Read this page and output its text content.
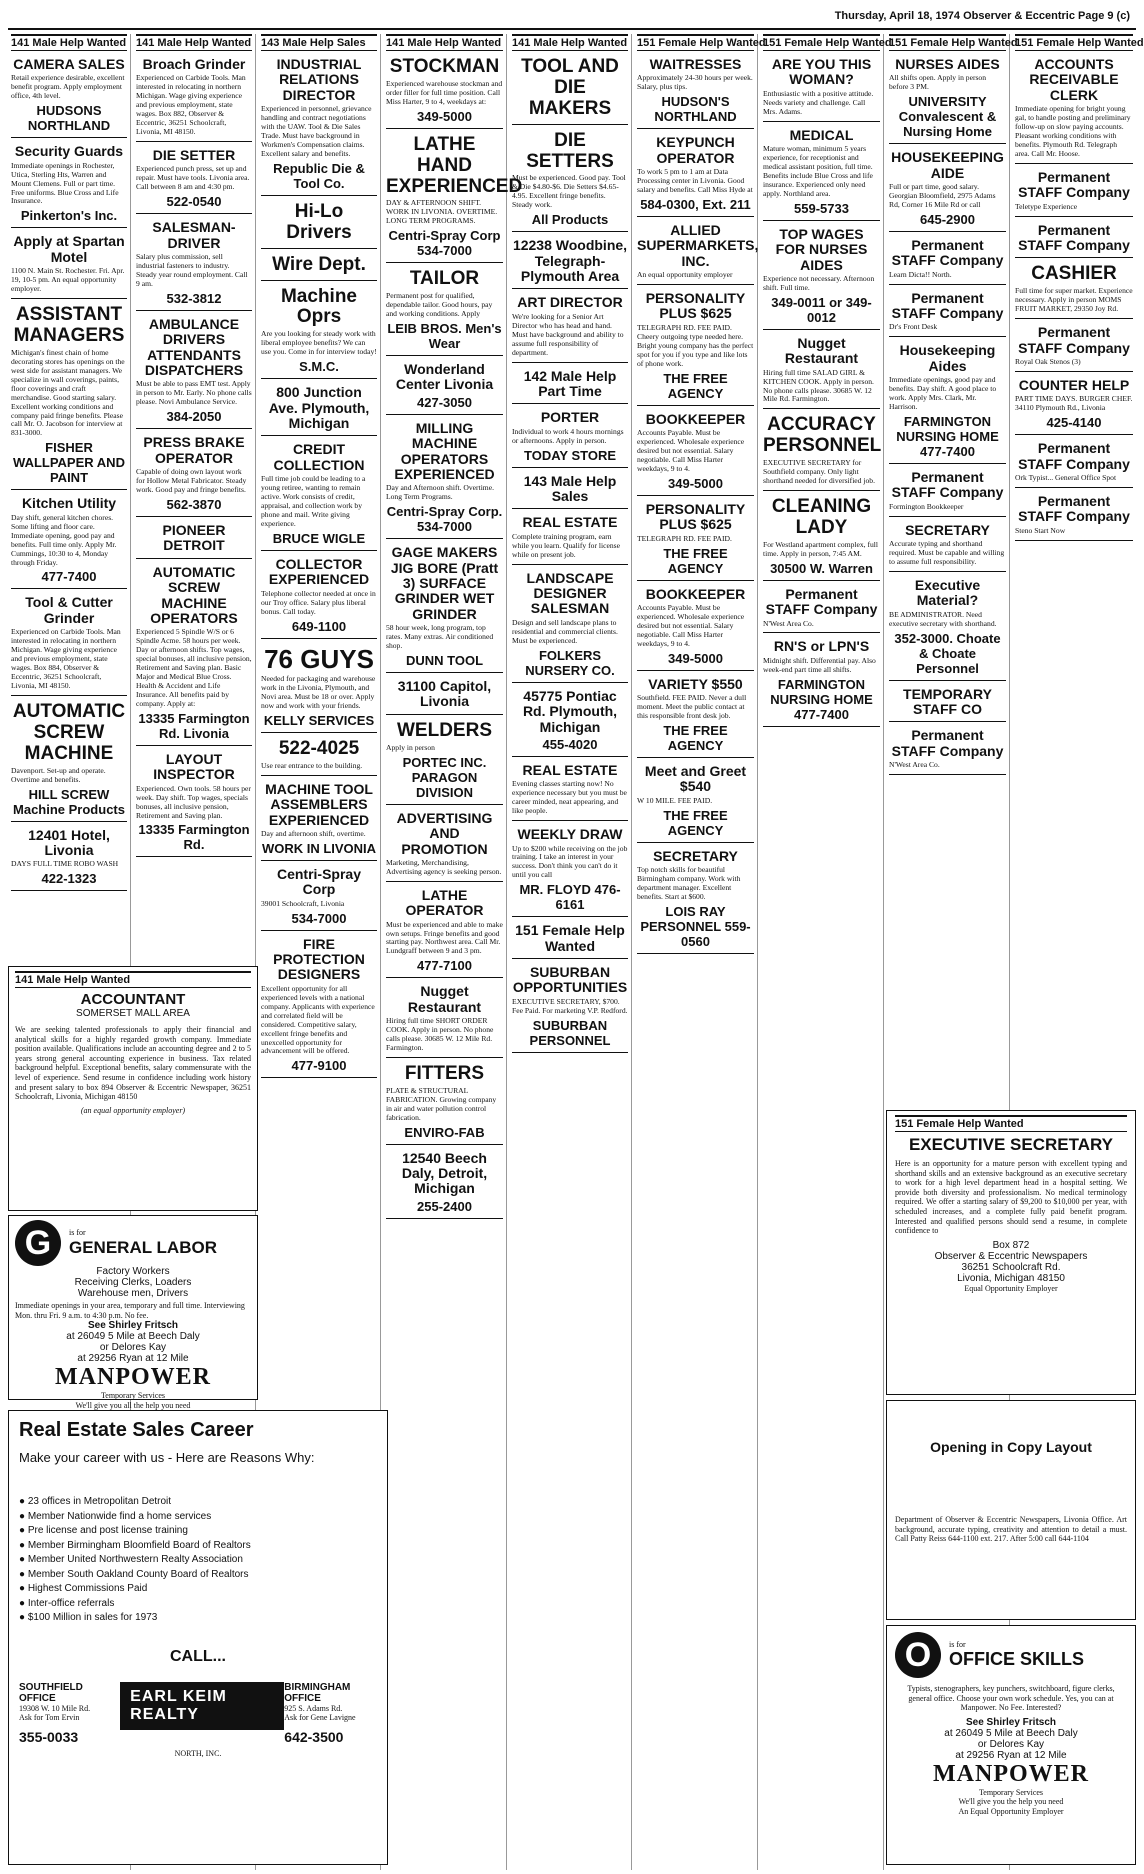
Thursday, April 18, 1974 Observer & Eccentric Page 9 (c)
141 Male Help Wanted
CAMERA SALES
Retail experience desirable, excellent benefit program. Apply employment office, 4th level.
HUDSONS NORTHLAND
Security Guards
Immediate openings in Rochester, Utica, Sterling Hts, Warren and Mount Clemens. Full or part time. Free uniforms. Blue Cross and Life Insurance.
Pinkerton's Inc.
Apply at Spartan Motel
1100 N. Main St. Rochester. Fri. Apr. 19, 10-5 pm. An equal opportunity employer.
ASSISTANT MANAGERS
Michigan's finest chain of home decorating stores has openings on the west side for assistant managers. We specialize in wall coverings, paints, floor coverings and craft merchandise. Good starting salary. Excellent working conditions and company paid fringe benefits. Please call Mr. O. Jacobson for interview at 831-3000.
FISHER WALLPAPER AND PAINT
Kitchen Utility
Day shift, general kitchen chores. Some lifting and floor care. Immediate opening, good pay and benefits. Full time only. Apply Mr. Cummings, 10:30 to 4, Monday through Friday.
477-7400
Tool & Cutter Grinder
Experienced on Carbide Tools. Man interested in relocating in northern Michigan. Wage giving experience and previous employment, state wages. Box 884, Observer & Eccentric, 36251 Schoolcraft, Livonia, MI 48150.
AUTOMATIC SCREW MACHINE
Davenport. Set-up and operate. Overtime and benefits.
HILL SCREW Machine Products
12401 Hotel, Livonia
DAYS FULL TIME ROBO WASH
422-1323
141 Male Help Wanted
Broach Grinder
Experienced on Carbide Tools. Man interested in relocating in northern Michigan. Wage giving experience and previous employment, state wages. Box 882, Observer & Eccentric, 36251 Schoolcraft, Livonia, MI 48150.
DIE SETTER
Experienced punch press, set up and repair. Must have tools. Livonia area. Call between 8 am and 4:30 pm.
522-0540
SALESMAN-DRIVER
Salary plus commission, sell industrial fasteners to industry. Steady year round employment. Call 9 am.
532-3812
AMBULANCE DRIVERS ATTENDANTS DISPATCHERS
Must be able to pass EMT test. Apply in person to Mr. Early. No phone calls please. Novi Ambulance Service.
384-2050
PRESS BRAKE OPERATOR
Capable of doing own layout work for Hollow Metal Fabricator. Steady work. Good pay and fringe benefits.
562-3870
PIONEER DETROIT
AUTOMATIC SCREW MACHINE OPERATORS
Experienced 5 Spindle W/S or 6 Spindle Acme. 58 hours per week. Day or afternoon shifts. Top wages, special bonuses, all inclusive pension, Retirement and Saving plan. Basic Major and Medical Blue Cross. Health & Accident and Life Insurance. All benefits paid by company. Apply at:
13335 Farmington Rd. Livonia
LAYOUT INSPECTOR
Experienced. Own tools. 58 hours per week. Day shift. Top wages, specials bonuses, all inclusive pension, Retirement and Saving plan.
13335 Farmington Rd.
143 Male Help Sales
INDUSTRIAL RELATIONS DIRECTOR
Experienced in personnel, grievance handling and contract negotiations with the UAW. Tool & Die Sales Trade. Must have background in Workmen's Compensation claims. Excellent salary and benefits.
Republic Die & Tool Co.
Hi-Lo Drivers
Wire Dept.
Machine Oprs
Are you looking for steady work with liberal employee benefits? We can use you. Come in for interview today!
S.M.C.
800 Junction Ave. Plymouth, Michigan
CREDIT COLLECTION
Full time job could be leading to a young retiree, wanting to remain active. Work consists of credit, appraisal, and collection work by phone and mail. Write giving experience.
BRUCE WIGLE
COLLECTOR EXPERIENCED
Telephone collector needed at once in our Troy office. Salary plus liberal bonus. Call today.
649-1100
76 GUYS
Needed for packaging and warehouse work in the Livonia, Plymouth, and Novi area. Must be 18 or over. Apply now and work with your friends.
KELLY SERVICES
522-4025
Use rear entrance to the building.
MACHINE TOOL ASSEMBLERS EXPERIENCED
Day and afternoon shift, overtime.
WORK IN LIVONIA
Centri-Spray Corp
39001 Schoolcraft, Livonia
534-7000
FIRE PROTECTION DESIGNERS
Excellent opportunity for all experienced levels with a national company. Applicants with experience and correlated field will be considered. Competitive salary, excellent fringe benefits and unexcelled opportunity for advancement will be offered.
477-9100
141 Male Help Wanted
STOCKMAN
Experienced warehouse stockman and order filler for full time position. Call Miss Harter, 9 to 4, weekdays at:
349-5000
LATHE HAND EXPERIENCED
DAY & AFTERNOON SHIFT. WORK IN LIVONIA. OVERTIME. LONG TERM PROGRAMS.
Centri-Spray Corp 534-7000
TAILOR
Permanent post for qualified, dependable tailor. Good hours, pay and working conditions. Apply
LEIB BROS. Men's Wear
Wonderland Center Livonia
427-3050
MILLING MACHINE OPERATORS EXPERIENCED
Day and Afternoon shift. Overtime. Long Term Programs.
Centri-Spray Corp. 534-7000
GAGE MAKERS JIG BORE (Pratt 3) SURFACE GRINDER WET GRINDER
58 hour week, long program, top rates. Many extras. Air conditioned shop.
DUNN TOOL
31100 Capitol, Livonia
WELDERS
Apply in person
PORTEC INC. PARAGON DIVISION
ADVERTISING AND PROMOTION
Marketing, Merchandising, Advertising agency is seeking person.
LATHE OPERATOR
Must be experienced and able to make own setups. Fringe benefits and good starting pay. Northwest area. Call Mr. Lundgraff between 9 and 3 pm.
477-7100
Nugget Restaurant
Hiring full time SHORT ORDER COOK. Apply in person. No phone calls please. 30685 W. 12 Mile Rd. Farmington.
FITTERS
PLATE & STRUCTURAL FABRICATION. Growing company in air and water pollution control fabrication.
ENVIRO-FAB
12540 Beech Daly, Detroit, Michigan
255-2400
141 Male Help Wanted
TOOL AND DIE MAKERS
DIE SETTERS
Must be experienced. Good pay. Tool & Die $4.80-$6. Die Setters $4.65-4.95. Excellent fringe benefits. Steady work.
All Products
12238 Woodbine, Telegraph-Plymouth Area
ART DIRECTOR
We're looking for a Senior Art Director who has head and hand. Must have background and ability to assume full responsibility of department.
142 Male Help Part Time
PORTER
Individual to work 4 hours mornings or afternoons. Apply in person.
TODAY STORE
143 Male Help Sales
REAL ESTATE
Complete training program, earn while you learn. Qualify for license while on present job.
LANDSCAPE DESIGNER SALESMAN
Design and sell landscape plans to residential and commercial clients. Must be experienced.
FOLKERS NURSERY CO.
45775 Pontiac Rd. Plymouth, Michigan
455-4020
REAL ESTATE
Evening classes starting now! No experience necessary but you must be career minded, neat appearing, and like people.
WEEKLY DRAW
Up to $200 while receiving on the job training. I take an interest in your success. Don't think you can't do it until you call
MR. FLOYD 476-6161
151 Female Help Wanted
SUBURBAN OPPORTUNITIES
EXECUTIVE SECRETARY, $700. Fee Paid. For marketing V.P. Redford.
SUBURBAN PERSONNEL
151 Female Help Wanted
WAITRESSES
Approximately 24-30 hours per week. Salary, plus tips.
HUDSON'S NORTHLAND
KEYPUNCH OPERATOR
To work 5 pm to 1 am at Data Processing center in Livonia. Good salary and benefits. Call Miss Hyde at
584-0300, Ext. 211
ALLIED SUPERMARKETS, INC.
An equal opportunity employer
PERSONALITY PLUS $625
TELEGRAPH RD. FEE PAID. Cheery outgoing type needed here. Bright young company has the perfect spot for you if you type and like lots of phone work.
THE FREE AGENCY
BOOKKEEPER
Accounts Payable. Must be experienced. Wholesale experience desired but not essential. Salary negotiable. Call Miss Harter weekdays, 9 to 4.
349-5000
PERSONALITY PLUS $625
TELEGRAPH RD. FEE PAID.
THE FREE AGENCY
BOOKKEEPER
Accounts Payable. Must be experienced. Wholesale experience desired but not essential. Salary negotiable. Call Miss Harter weekdays, 9 to 4.
349-5000
VARIETY $550
Southfield. FEE PAID. Never a dull moment. Meet the public contact at this responsible front desk job.
THE FREE AGENCY
Meet and Greet $540
W 10 MILE. FEE PAID.
THE FREE AGENCY
SECRETARY
Top notch skills for beautiful Birmingham company. Work with department manager. Excellent benefits. Start at $600.
LOIS RAY PERSONNEL 559-0560
151 Female Help Wanted
ARE YOU THIS WOMAN?
Enthusiastic with a positive attitude. Needs variety and challenge. Call Mrs. Adams.
MEDICAL
Mature woman, minimum 5 years experience, for receptionist and medical assistant position, full time. Benefits include Blue Cross and life insurance. Experienced only need apply. Northland area.
559-5733
TOP WAGES FOR NURSES AIDES
Experience not necessary. Afternoon shift. Full time.
349-0011 or 349-0012
Nugget Restaurant
Hiring full time SALAD GIRL & KITCHEN COOK. Apply in person. No phone calls please. 30685 W. 12 Mile Rd. Farmington.
ACCURACY PERSONNEL
EXECUTIVE SECRETARY for Southfield company. Only light shorthand needed for diversified job.
CLEANING LADY
For Westland apartment complex, full time. Apply in person, 7:45 AM.
30500 W. Warren
Permanent STAFF Company
N'West Area Co.
RN'S or LPN'S
Midnight shift. Differential pay. Also week-end part time all shifts.
FARMINGTON NURSING HOME 477-7400
151 Female Help Wanted
NURSES AIDES
All shifts open. Apply in person before 3 PM.
UNIVERSITY Convalescent & Nursing Home
HOUSEKEEPING AIDE
Full or part time, good salary. Georgian Bloomfield, 2975 Adams Rd, Corner 16 Mile Rd or call
645-2900
Permanent STAFF Company
Learn Dicta!! North.
Permanent STAFF Company
Dr's Front Desk
Housekeeping Aides
Immediate openings, good pay and benefits. Day shift. A good place to work. Apply Mrs. Clark, Mr. Harrison.
FARMINGTON NURSING HOME 477-7400
Permanent STAFF Company
Formington Bookkeeper
SECRETARY
Accurate typing and shorthand required. Must be capable and willing to assume full responsibility.
Executive Material?
BE ADMINISTRATOR. Need executive secretary with shorthand.
352-3000. Choate & Choate Personnel
TEMPORARY STAFF CO
Permanent STAFF Company
N'West Area Co.
151 Female Help Wanted
ACCOUNTS RECEIVABLE CLERK
Immediate opening for bright young gal, to handle posting and preliminary follow-up on slow paying accounts. Pleasant working conditions with benefits. Plymouth Rd. Telegraph area. Call Mr. Hoose.
Permanent STAFF Company
Teletype Experience
Permanent STAFF Company
CASHIER
Full time for super market. Experience necessary. Apply in person MOMS FRUIT MARKET, 29350 Joy Rd.
Permanent STAFF Company
Royal Oak Stenos (3)
COUNTER HELP
PART TIME DAYS. BURGER CHEF. 34110 Plymouth Rd., Livonia
425-4140
Permanent STAFF Company
Ork Typist... General Office Spot
Permanent STAFF Company
Steno Start Now
141 Male Help Wanted
ACCOUNTANT
SOMERSET MALL AREA
We are seeking talented professionals to apply their financial and analytical skills for a highly regarded growth company. Immediate position available. Qualifications include an accounting degree and 2 to 5 years strong general accounting experience in business. Tax related background helpful. Exceptional benefits, salary commensurate with the level of experience. Send resume in confidence including work history and present salary to box 894 Observer & Eccentric Newspaper, 36251 Schoolcraft, Livonia, Michigan 48150
(an equal opportunity employer)
G	is for
GENERAL LABOR
Factory Workers
Receiving Clerks, Loaders
Warehouse men, Drivers
Immediate openings in your area, temporary and full time. Interviewing Mon. thru Fri. 9 a.m. to 4:30 p.m. No fee.
See Shirley Fritsch
at 26049 5 Mile at Beech Daly
or Delores Kay
at 29256 Ryan at 12 Mile
MANPOWER
Temporary Services
We'll give you all the help you need
Real Estate Sales Career
Make your career with us - Here are Reasons Why:
● 23 offices in Metropolitan Detroit
● Member Nationwide find a home services
● Pre license and post license training
● Member Birmingham Bloomfield Board of Realtors
● Member United Northwestern Realty Association
● Member South Oakland County Board of Realtors
● Highest Commissions Paid
● Inter-office referrals
● $100 Million in sales for 1973
CALL...
SOUTHFIELD OFFICE
19308 W. 10 Mile Rd.
Ask for Tom Ervin
355-0033
EARL KEIM REALTY
BIRMINGHAM OFFICE
925 S. Adams Rd.
Ask for Gene Lavigne
642-3500
NORTH, INC.
151 Female Help Wanted
EXECUTIVE SECRETARY
Here is an opportunity for a mature person with excellent typing and shorthand skills and an extensive background as an executive secretary to work for a high level department head in a hospital setting. We provide both diversity and professionalism. No medical terminology required. We offer a starting salary of $9,200 to $10,000 per year, with scheduled increases, and a complete fully paid benefit program. Interested and qualified persons should send a resume, in complete confidence to
Box 872
Observer & Eccentric Newspapers
36251 Schoolcraft Rd.
Livonia, Michigan 48150
Equal Opportunity Employer
Opening in Copy Layout
Department of Observer & Eccentric Newspapers, Livonia Office. Art background, accurate typing, creativity and attention to detail a must. Call Patty Reiss 644-1100 ext. 217. After 5:00 call 644-1104
O	is for
OFFICE SKILLS
Typists, stenographers, key punchers, switchboard, figure clerks, general office. Choose your own work schedule. Yes, you can at Manpower. No Fee. Interested?
See Shirley Fritsch
at 26049 5 Mile at Beech Daly
or Delores Kay
at 29256 Ryan at 12 Mile
MANPOWER
Temporary Services
We'll give you the help you need
An Equal Opportunity Employer
